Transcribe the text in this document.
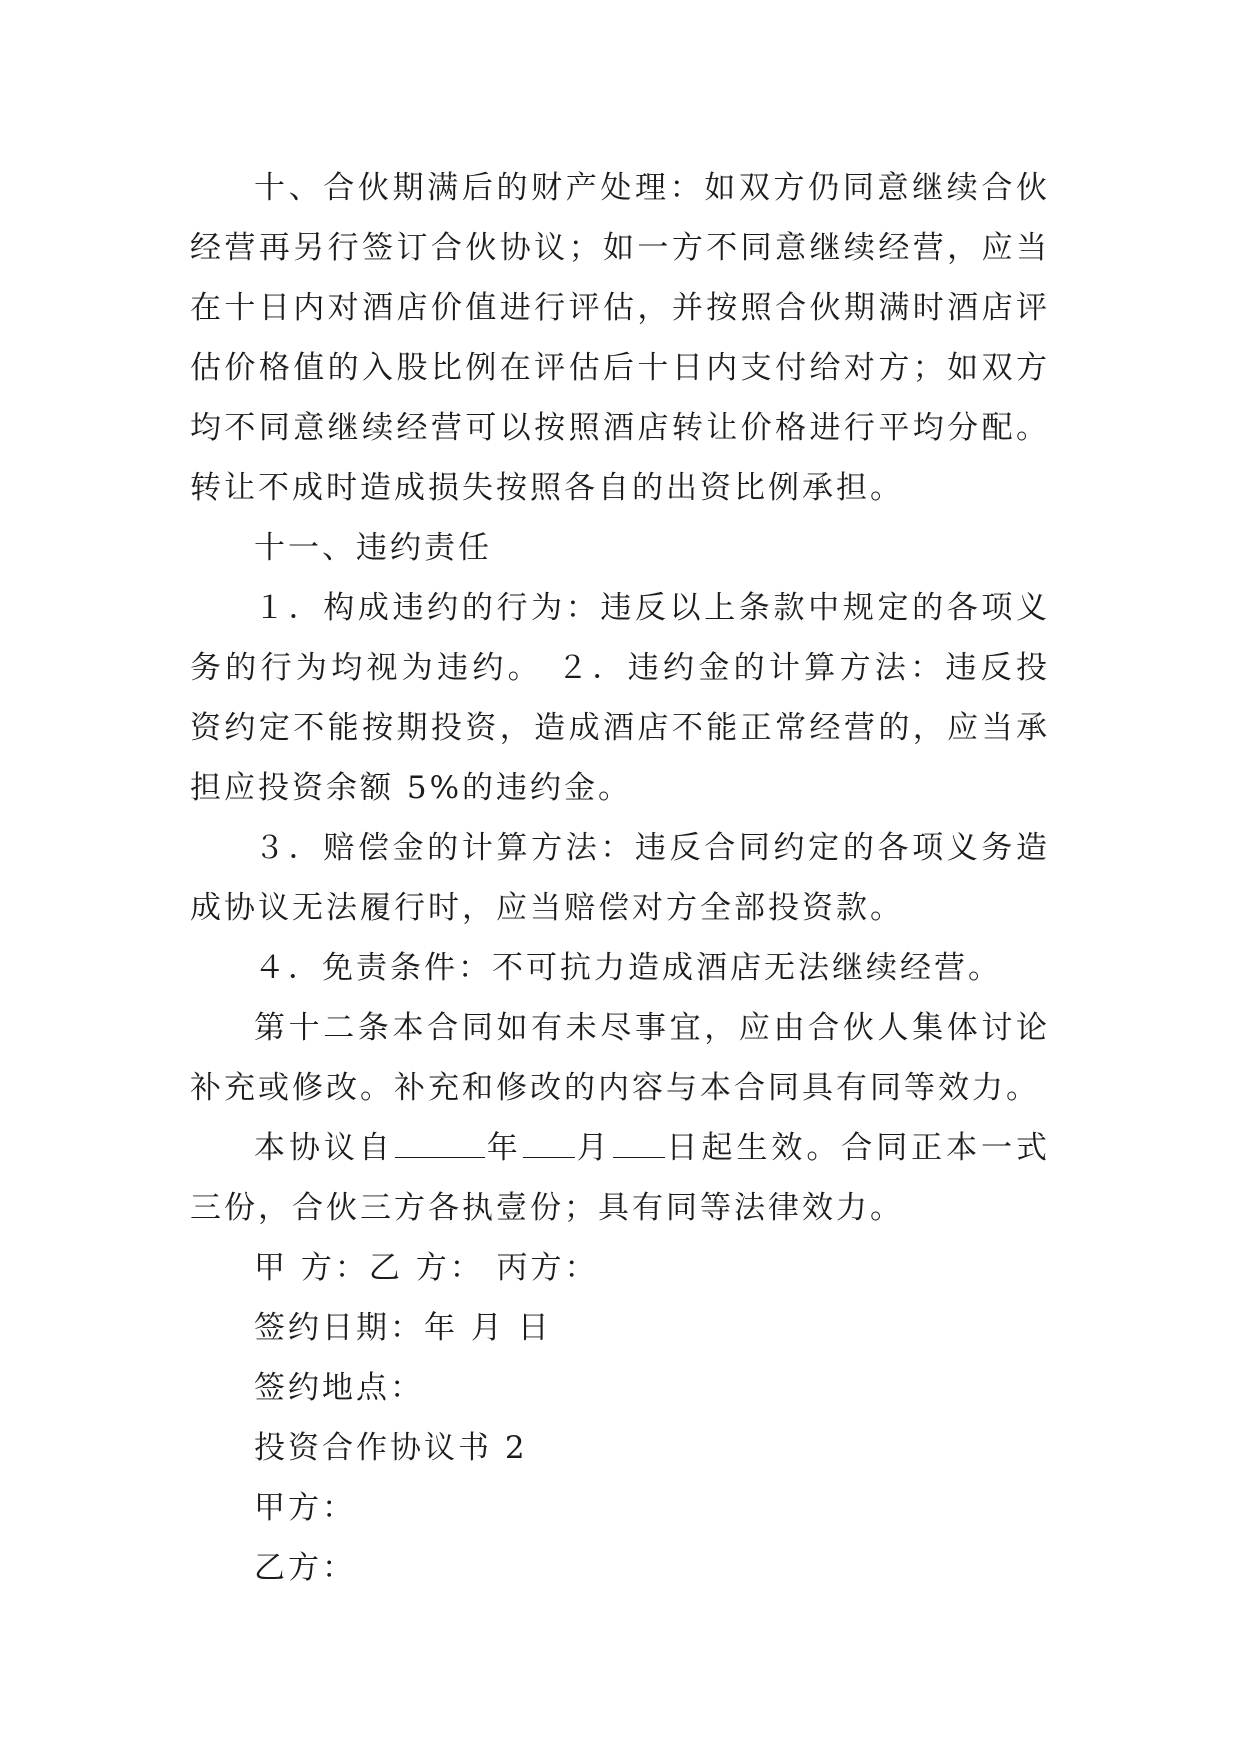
十、合伙期满后的财产处理：如双方仍同意继续合伙经营再另行签订合伙协议；如一方不同意继续经营，应当在十日内对酒店价值进行评估，并按照合伙期满时酒店评估价格值的入股比例在评估后十日内支付给对方；如双方均不同意继续经营可以按照酒店转让价格进行平均分配。转让不成时造成损失按照各自的出资比例承担。

十一、违约责任

１．构成违约的行为：违反以上条款中规定的各项义务的行为均视为违约。 ２．违约金的计算方法：违反投资约定不能按期投资，造成酒店不能正常经营的，应当承担应投资余额 5%的违约金。

３．赔偿金的计算方法：违反合同约定的各项义务造成协议无法履行时，应当赔偿对方全部投资款。

４．免责条件：不可抗力造成酒店无法继续经营。

第十二条本合同如有未尽事宜，应由合伙人集体讨论补充或修改。补充和修改的内容与本合同具有同等效力。

本协议自	年 月 日起生效。合同正本一式三份，合伙三方各执壹份；具有同等法律效力。

甲 方：乙 方： 丙方：

签约日期：年 月 日

签约地点：

投资合作协议书 2

甲方：

乙方：
